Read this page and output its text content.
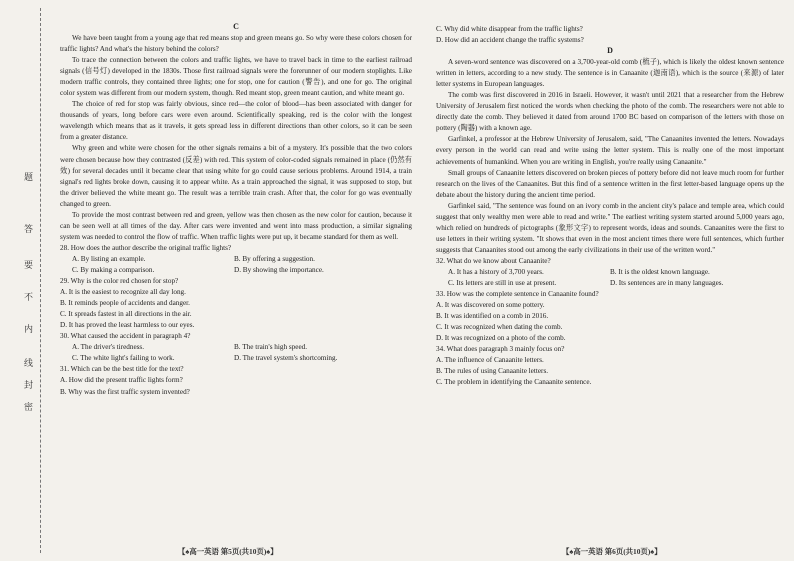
题
答
要
不
内
线
封
密

C

We have been taught from a young age that red means stop and green means go. So why were these colors chosen for traffic lights? And what's the history behind the colors?

To trace the connection between the colors and traffic lights, we have to travel back in time to the earliest railroad signals (信号灯) developed in the 1830s. Those first railroad signals were the forerunner of our modern stoplights. Like modern traffic controls, they contained three lights; one for stop, one for caution (警告), and one for go. The original color system was different from our modern system, though. Red meant stop, green meant caution, and white meant go.

The choice of red for stop was fairly obvious, since red—the color of blood—has been associated with danger for thousands of years, long before cars were even around. Scientifically speaking, red is the color with the longest wavelength which means that as it travels, it gets spread less in different directions than other colors, so it can be seen from a greater distance.

Why green and white were chosen for the other signals remains a bit of a mystery. It's possible that the two colors were chosen because how they contrasted (反差) with red. This system of color-coded signals remained in place (仍然有效) for several decades until it became clear that using white for go could cause serious problems. Around 1914, a train signal's red lights broke down, causing it to appear white. As a train approached the signal, it was supposed to stop, but the driver believed the white meant go. The result was a terrible train crash. After that, the color for go was eventually changed to green.

To provide the most contrast between red and green, yellow was then chosen as the new color for caution, because it can be seen well at all times of the day. After cars were invented and went into mass production, a similar signaling system was needed to control the flow of traffic. When traffic lights were put up, it became standard for them as well.

28. How does the author describe the original traffic lights?

A. By listing an example.	B. By offering a suggestion.
C. By making a comparison.	D. By showing the importance.

29. Why is the color red chosen for stop?

A. It is the easiest to recognize all day long.

B. It reminds people of accidents and danger.

C. It spreads fastest in all directions in the air.

D. It has proved the least harmless to our eyes.

30. What caused the accident in paragraph 4?

A. The driver's tiredness.	B. The train's high speed.
C. The white light's failing to work.	D. The travel system's shortcoming.

31. Which can be the best title for the text?

A. How did the present traffic lights form?

B. Why was the first traffic system invented?

【♠高一英语 第5页(共10页)♠】

C. Why did white disappear from the traffic lights?

D. How did an accident change the traffic systems?

D

A seven-word sentence was discovered on a 3,700-year-old comb (梳子), which is likely the oldest known sentence written in letters, according to a new study. The sentence is in Canaanite (迦南语), which is the source (来源) of later letter systems in European languages.

The comb was first discovered in 2016 in Israeli. However, it wasn't until 2021 that a researcher from the Hebrew University of Jerusalem first noticed the words when checking the photo of the comb. The researchers were not able to directly date the comb. They believed it dated from around 1700 BC based on comparison of the letters with those on pottery (陶器) with a known age.

Garfinkel, a professor at the Hebrew University of Jerusalem, said, "The Canaanites invented the letters. Nowadays every person in the world can read and write using the letter system. This is really one of the most important achievements of humankind. When you are writing in English, you're really using Canaanite."

Small groups of Canaanite letters discovered on broken pieces of pottery before did not leave much room for further research on the lives of the Canaanites. But this find of a sentence written in the first letter-based language opens up the debate about the history during the ancient time period.

Garfinkel said, "The sentence was found on an ivory comb in the ancient city's palace and temple area, which could suggest that only wealthy men were able to read and write." The earliest writing system started around 5,000 years ago, which relied on hundreds of pictographs (象形文字) to represent words, ideas and sounds. Canaanites were the first to use letters in their writing system. "It shows that even in the most ancient times there were full sentences, which further suggests that Canaanites stood out among the early civilizations in their use of the written word."

32. What do we know about Canaanite?

A. It has a history of 3,700 years.	B. It is the oldest known language.
C. Its letters are still in use at present.	D. Its sentences are in many languages.

33. How was the complete sentence in Canaanite found?

A. It was discovered on some pottery.

B. It was identified on a comb in 2016.

C. It was recognized when dating the comb.

D. It was recognized on a photo of the comb.

34. What does paragraph 3 mainly focus on?

A. The influence of Canaanite letters.

B. The rules of using Canaanite letters.

C. The problem in identifying the Canaanite sentence.

【♠高一英语 第6页(共10页)♠】
